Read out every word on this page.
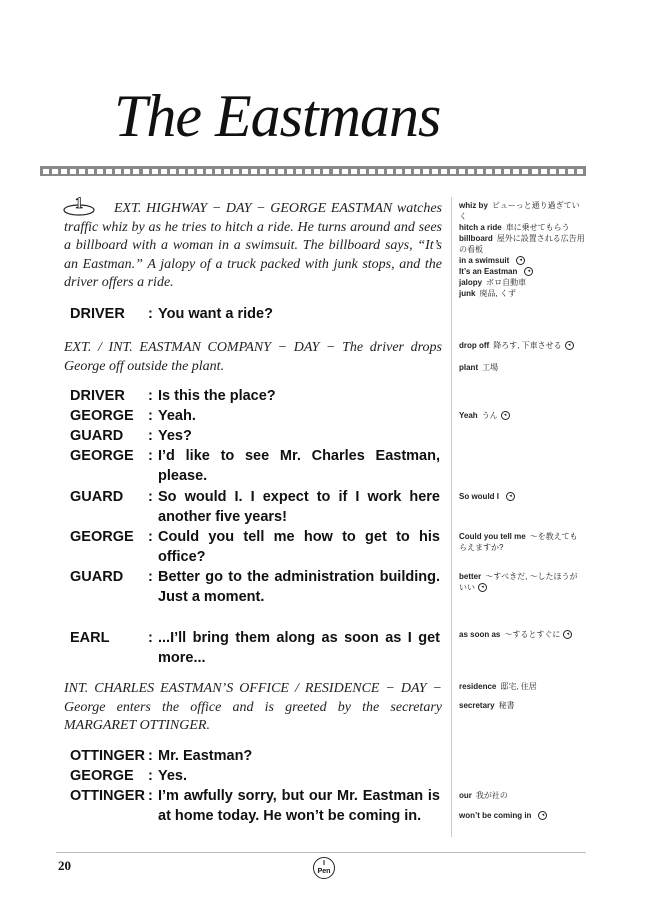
The Eastmans
1	EXT. HIGHWAY − DAY − GEORGE EASTMAN watches traffic whiz by as he tries to hitch a ride. He turns around and sees a billboard with a woman in a swimsuit. The billboard says, “It’s an Eastman.” A jalopy of a truck packed with junk stops, and the driver offers a ride.
DRIVER	: You want a ride?
EXT. / INT. EASTMAN COMPANY − DAY − The driver drops George off outside the plant.
DRIVER	: Is this the place?
GEORGE : Yeah.
GUARD	: Yes?
GEORGE : I’d like to see Mr. Charles Eastman, please.
GUARD	: So would I. I expect to if I work here another five years!
GEORGE : Could you tell me how to get to his office?
GUARD	: Better go to the administration building. Just a moment.
EARL	: ...I’ll bring them along as soon as I get more...
INT. CHARLES EASTMAN’S OFFICE / RESIDENCE − DAY − George enters the office and is greeted by the secretary MARGARET OTTINGER.
OTTINGER : Mr. Eastman?
GEORGE : Yes.
OTTINGER : I’m awfully sorry, but our Mr. Eastman is at home today. He won’t be coming in.
whiz by ビューっと通り過ぎていく
hitch a ride 車に乗せてもらう
billboard 屋外に設置される広告用の看板
in a swimsuit ◂
It’s an Eastman ◂
jalopy ボロ自動車
junk 廃品, くず
drop off 降ろす, 下車させる ◂
plant 工場
Yeah うん ◂
So would I ◂
Could you tell me 〜を教えてもらえますか?
better 〜すべきだ, 〜したほうがいい ◂
as soon as 〜するとすぐに ◂
residence 邸宅, 住居
secretary 秘書
our 我が社の
won’t be coming in ◂
20	I
Pen
